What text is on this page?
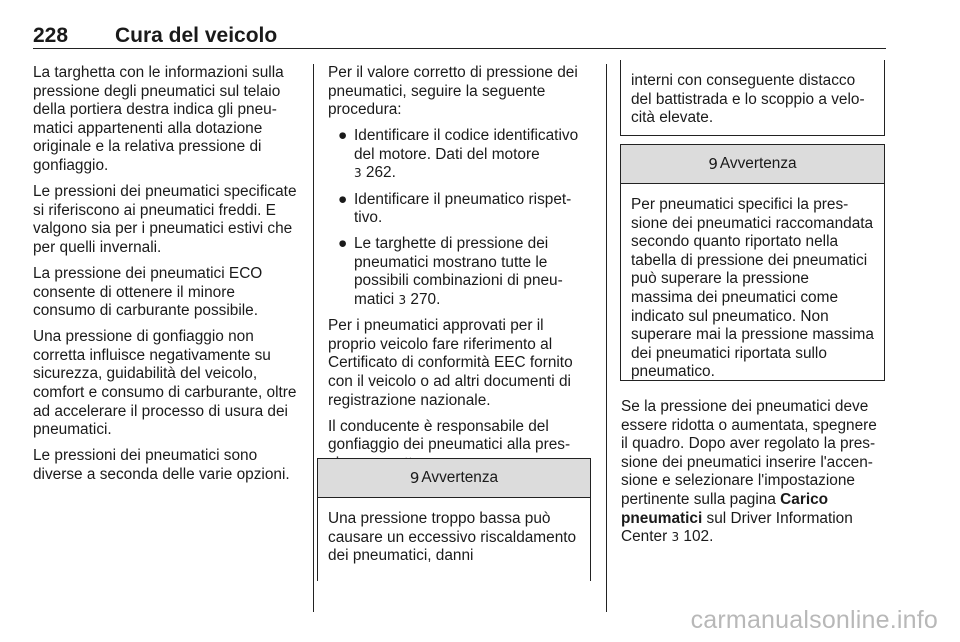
228 Cura del veicolo

La targhetta con le informazioni sulla pressione degli pneumatici sul telaio della portiera destra indica gli pneumatici appartenenti alla dotazione originale e la relativa pressione di gonfiaggio.

Le pressioni dei pneumatici specificate si riferiscono ai pneumatici freddi. E valgono sia per i pneumatici estivi che per quelli invernali.

La pressione dei pneumatici ECO consente di ottenere il minore consumo di carburante possibile.

Una pressione di gonfiaggio non corretta influisce negativamente su sicurezza, guidabilità del veicolo, comfort e consumo di carburante, oltre ad accelerare il processo di usura dei pneumatici.

Le pressioni dei pneumatici sono diverse a seconda delle varie opzioni.

Per il valore corretto di pressione dei pneumatici, seguire la seguente procedura:

● Identificare il codice identificativo del motore. Dati del motore
3 262.
● Identificare il pneumatico rispettivo.
● Le targhette di pressione dei pneumatici mostrano tutte le possibili combinazioni di pneumatici 3 270.

Per i pneumatici approvati per il proprio veicolo fare riferimento al Certificato di conformità EEC fornito con il veicolo o ad altri documenti di registrazione nazionale.

Il conducente è responsabile del gonfiaggio dei pneumatici alla pres

9 Avvertenza
Una pressione troppo bassa può causare un eccessivo riscaldamento dei pneumatici, danni
interni con conseguente distacco del battistrada e lo scoppio a velocità elevate.
9 Avvertenza
Per pneumatici specifici la pressione dei pneumatici raccomandata secondo quanto riportato nella tabella di pressione dei pneumatici può superare la pressione massima dei pneumatici come indicato sul pneumatico. Non superare mai la pressione massima dei pneumatici riportata sullo pneumatico.

Se la pressione dei pneumatici deve essere ridotta o aumentata, spegnere il quadro. Dopo aver regolato la pressione dei pneumatici inserire l'accensione e selezionare l'impostazione pertinente sulla pagina Carico pneumatici sul Driver Information Center 3 102.

carmanualsonline.info
